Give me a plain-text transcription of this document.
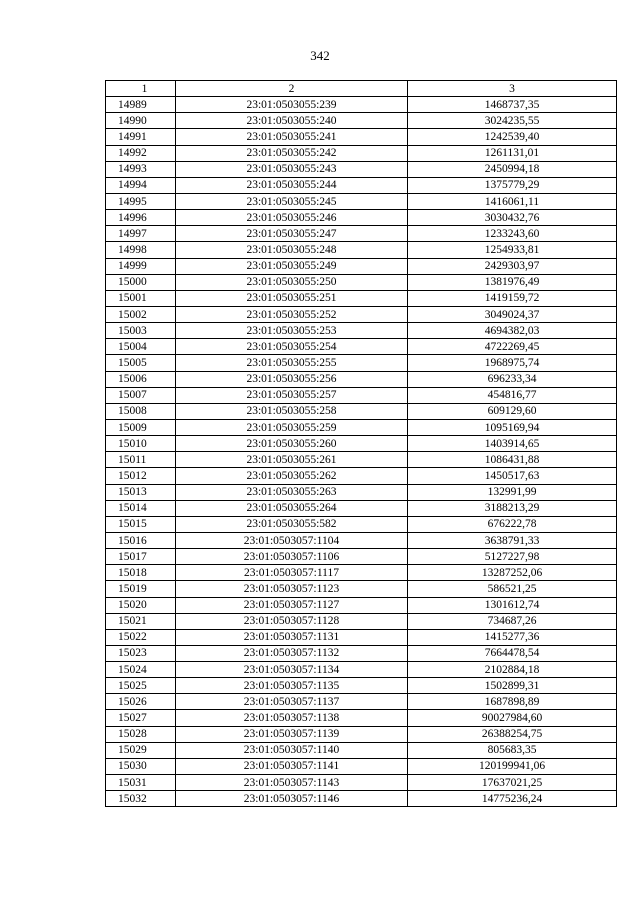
342
1	2	3
14989	23:01:0503055:239	1468737,35
14990	23:01:0503055:240	3024235,55
14991	23:01:0503055:241	1242539,40
14992	23:01:0503055:242	1261131,01
14993	23:01:0503055:243	2450994,18
14994	23:01:0503055:244	1375779,29
14995	23:01:0503055:245	1416061,11
14996	23:01:0503055:246	3030432,76
14997	23:01:0503055:247	1233243,60
14998	23:01:0503055:248	1254933,81
14999	23:01:0503055:249	2429303,97
15000	23:01:0503055:250	1381976,49
15001	23:01:0503055:251	1419159,72
15002	23:01:0503055:252	3049024,37
15003	23:01:0503055:253	4694382,03
15004	23:01:0503055:254	4722269,45
15005	23:01:0503055:255	1968975,74
15006	23:01:0503055:256	696233,34
15007	23:01:0503055:257	454816,77
15008	23:01:0503055:258	609129,60
15009	23:01:0503055:259	1095169,94
15010	23:01:0503055:260	1403914,65
15011	23:01:0503055:261	1086431,88
15012	23:01:0503055:262	1450517,63
15013	23:01:0503055:263	132991,99
15014	23:01:0503055:264	3188213,29
15015	23:01:0503055:582	676222,78
15016	23:01:0503057:1104	3638791,33
15017	23:01:0503057:1106	5127227,98
15018	23:01:0503057:1117	13287252,06
15019	23:01:0503057:1123	586521,25
15020	23:01:0503057:1127	1301612,74
15021	23:01:0503057:1128	734687,26
15022	23:01:0503057:1131	1415277,36
15023	23:01:0503057:1132	7664478,54
15024	23:01:0503057:1134	2102884,18
15025	23:01:0503057:1135	1502899,31
15026	23:01:0503057:1137	1687898,89
15027	23:01:0503057:1138	90027984,60
15028	23:01:0503057:1139	26388254,75
15029	23:01:0503057:1140	805683,35
15030	23:01:0503057:1141	120199941,06
15031	23:01:0503057:1143	17637021,25
15032	23:01:0503057:1146	14775236,24
